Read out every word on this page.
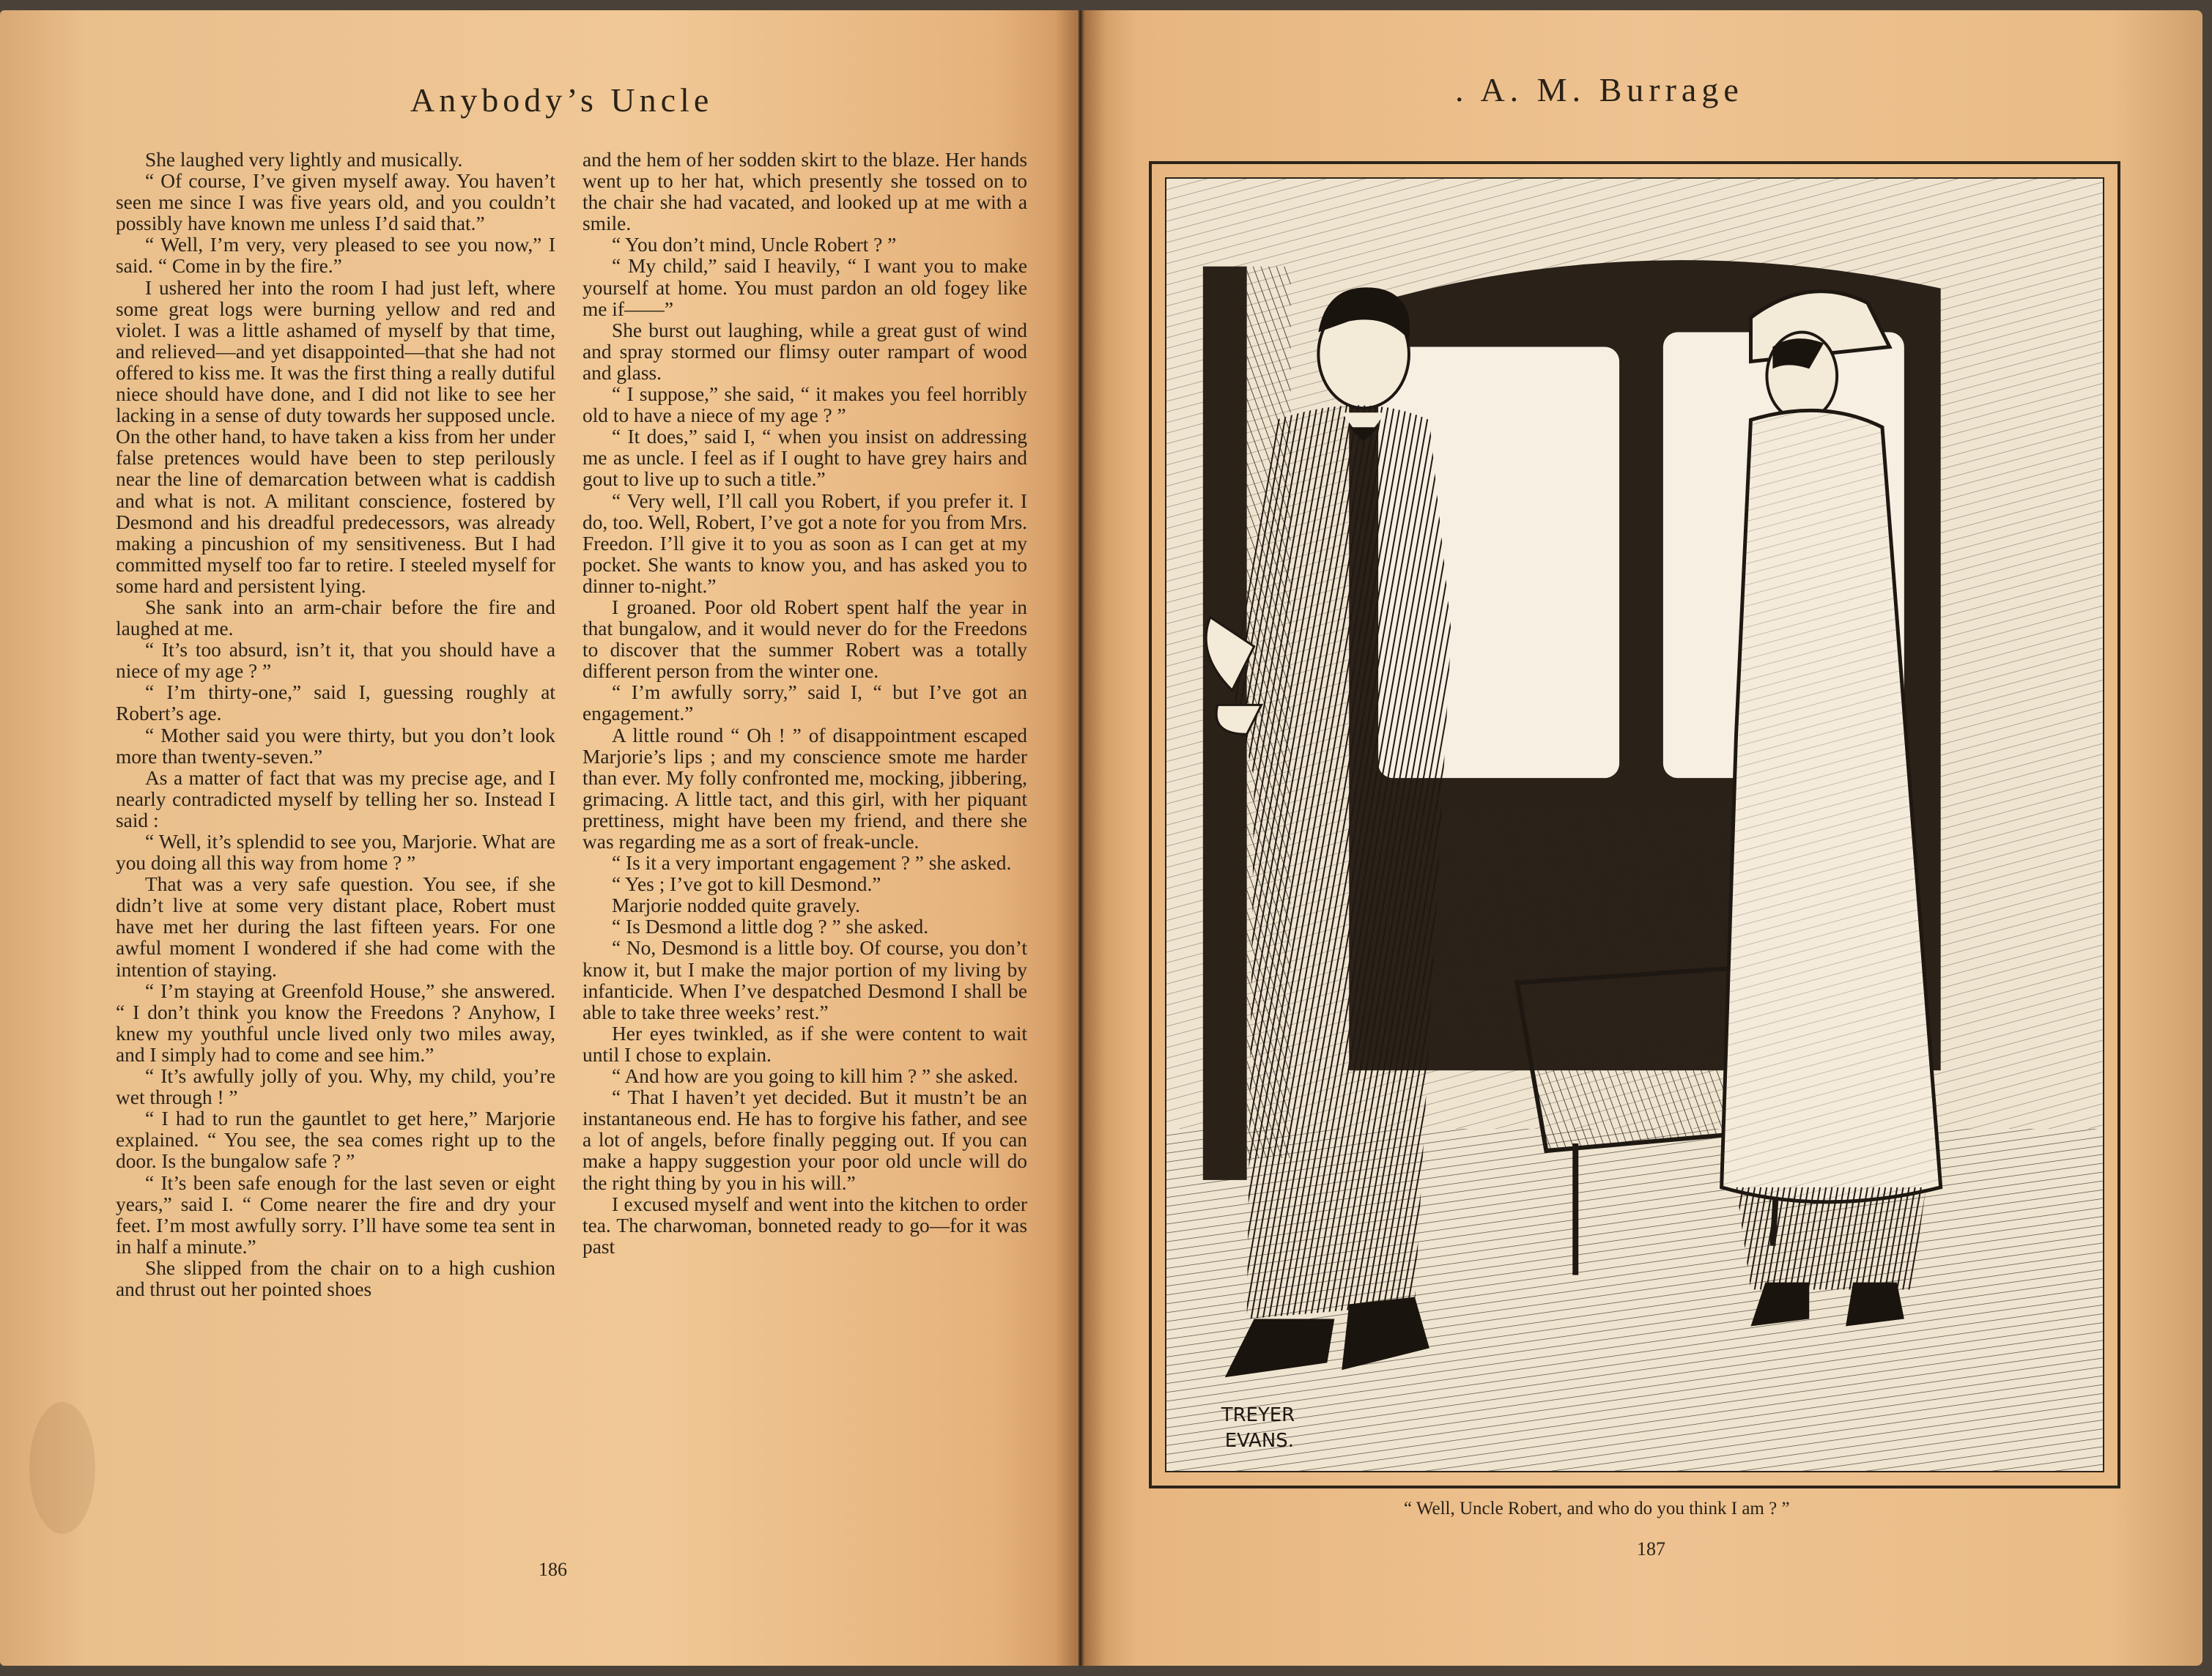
Anybody’s Uncle

She laughed very lightly and musically.

“ Of course, I’ve given myself away. You haven’t seen me since I was five years old, and you couldn’t possibly have known me unless I’d said that.”

“ Well, I’m very, very pleased to see you now,” I said. “ Come in by the fire.”

I ushered her into the room I had just left, where some great logs were burning yellow and red and violet. I was a little ashamed of myself by that time, and relieved—and yet disappointed—that she had not offered to kiss me. It was the first thing a really dutiful niece should have done, and I did not like to see her lacking in a sense of duty towards her supposed uncle. On the other hand, to have taken a kiss from her under false pretences would have been to step perilously near the line of demarcation between what is caddish and what is not. A militant conscience, fostered by Desmond and his dreadful predecessors, was already making a pincushion of my sensitiveness. But I had committed myself too far to retire. I steeled myself for some hard and persistent lying.

She sank into an arm-chair before the fire and laughed at me.

“ It’s too absurd, isn’t it, that you should have a niece of my age ? ”

“ I’m thirty-one,” said I, guessing roughly at Robert’s age.

“ Mother said you were thirty, but you don’t look more than twenty-seven.”

As a matter of fact that was my precise age, and I nearly contradicted myself by telling her so. Instead I said :

“ Well, it’s splendid to see you, Marjorie. What are you doing all this way from home ? ”

That was a very safe question. You see, if she didn’t live at some very distant place, Robert must have met her during the last fifteen years. For one awful moment I wondered if she had come with the intention of staying.

“ I’m staying at Greenfold House,” she answered. “ I don’t think you know the Freedons ? Anyhow, I knew my youthful uncle lived only two miles away, and I simply had to come and see him.”

“ It’s awfully jolly of you. Why, my child, you’re wet through ! ”

“ I had to run the gauntlet to get here,” Marjorie explained. “ You see, the sea comes right up to the door. Is the bungalow safe ? ”

“ It’s been safe enough for the last seven or eight years,” said I. “ Come nearer the fire and dry your feet. I’m most awfully sorry. I’ll have some tea sent in in half a minute.”

She slipped from the chair on to a high cushion and thrust out her pointed shoes

and the hem of her sodden skirt to the blaze. Her hands went up to her hat, which presently she tossed on to the chair she had vacated, and looked up at me with a smile.

“ You don’t mind, Uncle Robert ? ”

“ My child,” said I heavily, “ I want you to make yourself at home. You must pardon an old fogey like me if——”

She burst out laughing, while a great gust of wind and spray stormed our flimsy outer rampart of wood and glass.

“ I suppose,” she said, “ it makes you feel horribly old to have a niece of my age ? ”

“ It does,” said I, “ when you insist on addressing me as uncle. I feel as if I ought to have grey hairs and gout to live up to such a title.”

“ Very well, I’ll call you Robert, if you prefer it. I do, too. Well, Robert, I’ve got a note for you from Mrs. Freedon. I’ll give it to you as soon as I can get at my pocket. She wants to know you, and has asked you to dinner to-night.”

I groaned. Poor old Robert spent half the year in that bungalow, and it would never do for the Freedons to discover that the summer Robert was a totally different person from the winter one.

“ I’m awfully sorry,” said I, “ but I’ve got an engagement.”

A little round “ Oh ! ” of disappointment escaped Marjorie’s lips ; and my conscience smote me harder than ever. My folly confronted me, mocking, jibbering, grimacing. A little tact, and this girl, with her piquant prettiness, might have been my friend, and there she was regarding me as a sort of freak-uncle.

“ Is it a very important engagement ? ” she asked.

“ Yes ; I’ve got to kill Desmond.”

Marjorie nodded quite gravely.

“ Is Desmond a little dog ? ” she asked.

“ No, Desmond is a little boy. Of course, you don’t know it, but I make the major portion of my living by infanticide. When I’ve despatched Desmond I shall be able to take three weeks’ rest.”

Her eyes twinkled, as if she were content to wait until I chose to explain.

“ And how are you going to kill him ? ” she asked.

“ That I haven’t yet decided. But it mustn’t be an instantaneous end. He has to forgive his father, and see a lot of angels, before finally pegging out. If you can make a happy suggestion your poor old uncle will do the right thing by you in his will.”

I excused myself and went into the kitchen to order tea. The charwoman, bonneted ready to go—for it was past

186

. A. M. Burrage
TREYER
EVANS.

“ Well, Uncle Robert, and who do you think I am ? ”

187
